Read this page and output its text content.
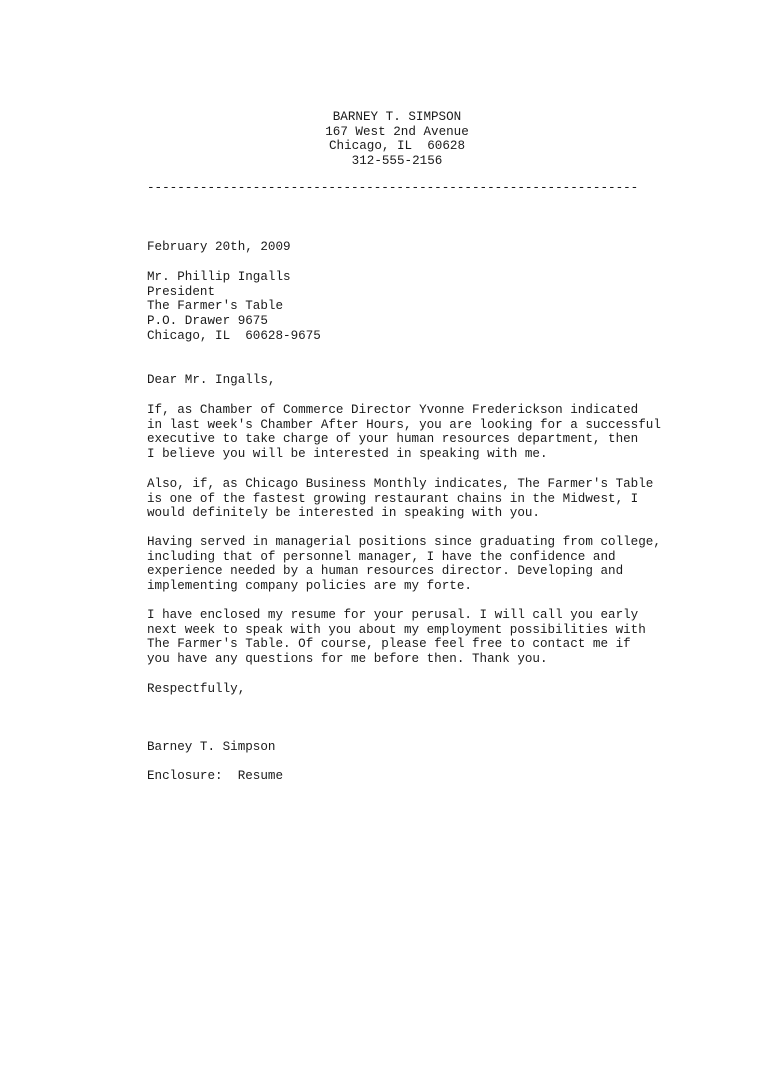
BARNEY T. SIMPSON
167 West 2nd Avenue
Chicago, IL  60628
312-555-2156
-----------------------------------------------------------------
February 20th, 2009
Mr. Phillip Ingalls
President
The Farmer's Table
P.O. Drawer 9675
Chicago, IL  60628-9675
Dear Mr. Ingalls,
If, as Chamber of Commerce Director Yvonne Frederickson indicated
in last week's Chamber After Hours, you are looking for a successful
executive to take charge of your human resources department, then
I believe you will be interested in speaking with me.
Also, if, as Chicago Business Monthly indicates, The Farmer's Table
is one of the fastest growing restaurant chains in the Midwest, I
would definitely be interested in speaking with you.
Having served in managerial positions since graduating from college,
including that of personnel manager, I have the confidence and
experience needed by a human resources director. Developing and
implementing company policies are my forte.
I have enclosed my resume for your perusal. I will call you early
next week to speak with you about my employment possibilities with
The Farmer's Table. Of course, please feel free to contact me if
you have any questions for me before then. Thank you.
Respectfully,
Barney T. Simpson
Enclosure:  Resume
